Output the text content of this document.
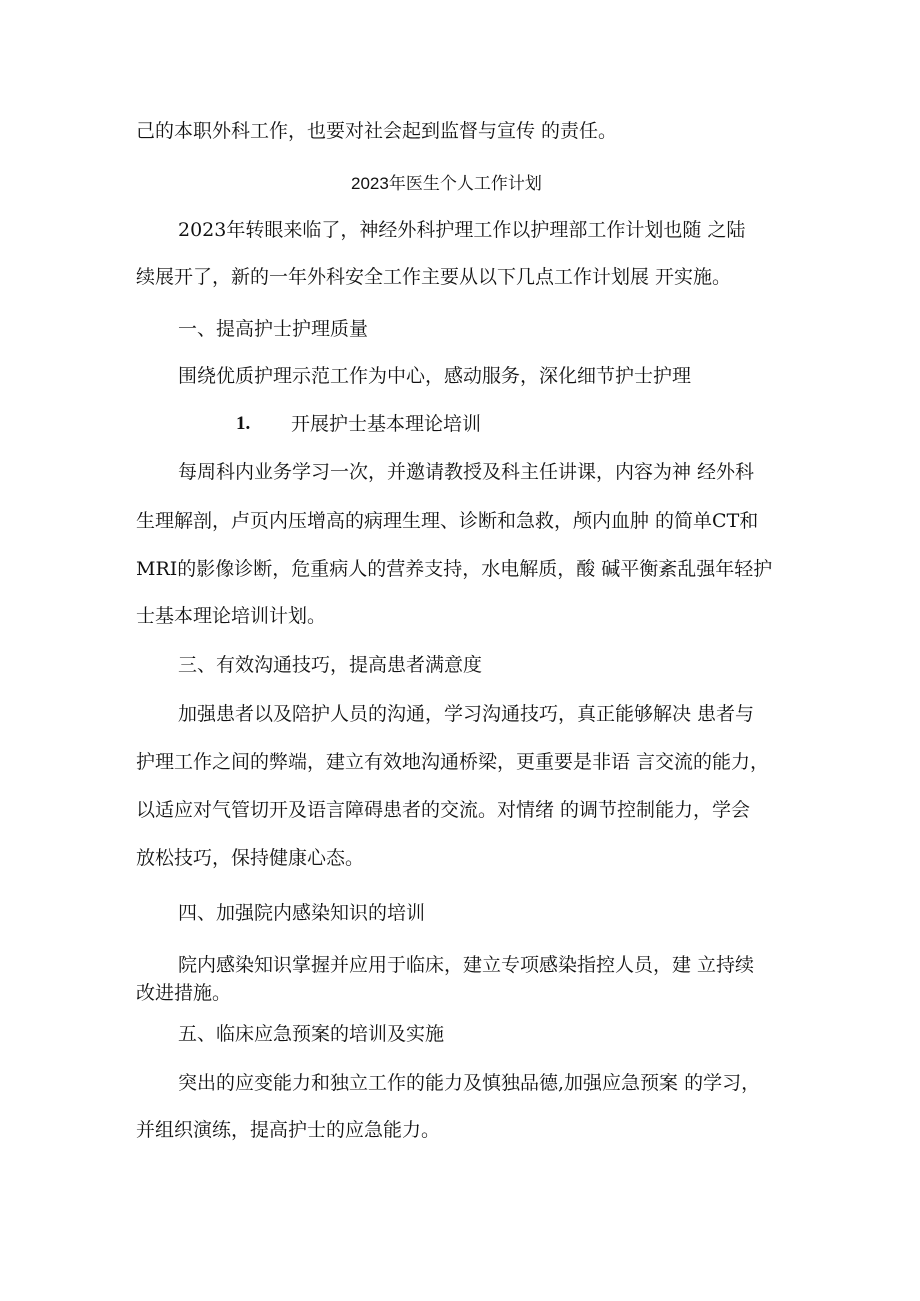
己的本职外科工作，也要对社会起到监督与宣传 的责任。
2023年医生个人工作计划
2023年转眼来临了，神经外科护理工作以护理部工作计划也随 之陆
续展开了，新的一年外科安全工作主要从以下几点工作计划展 开实施。
一、提高护士护理质量
围绕优质护理示范工作为中心，感动服务，深化细节护士护理
1. 开展护士基本理论培训
每周科内业务学习一次，并邀请教授及科主任讲课，内容为神 经外科
生理解剖，卢页内压增高的病理生理、诊断和急救，颅内血肿 的简单CT和
MRI的影像诊断，危重病人的营养支持，水电解质，酸 碱平衡紊乱强年轻护
士基本理论培训计划。
三、有效沟通技巧，提高患者满意度
加强患者以及陪护人员的沟通，学习沟通技巧，真正能够解决 患者与
护理工作之间的弊端，建立有效地沟通桥梁，更重要是非语 言交流的能力，
以适应对气管切开及语言障碍患者的交流。对情绪 的调节控制能力，学会
放松技巧，保持健康心态。
四、加强院内感染知识的培训
院内感染知识掌握并应用于临床，建立专项感染指控人员，建 立持续
改进措施。
五、临床应急预案的培训及实施
突出的应变能力和独立工作的能力及慎独品德,加强应急预案 的学习，
并组织演练，提高护士的应急能力。
